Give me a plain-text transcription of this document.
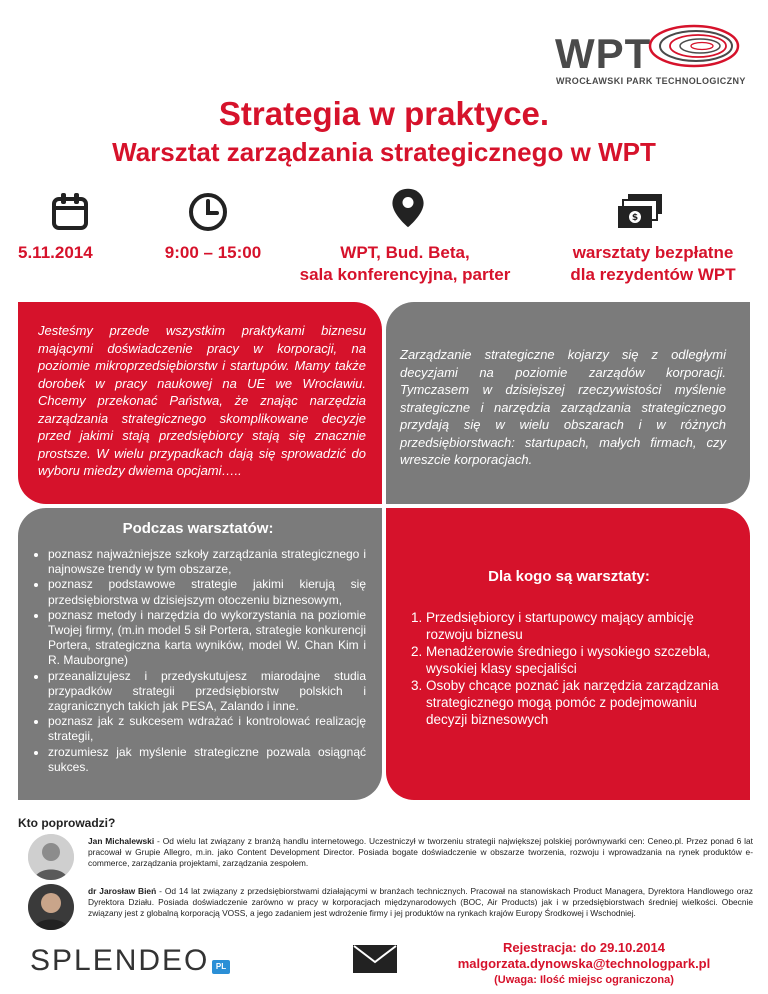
WPT
WROCŁAWSKI PARK TECHNOLOGICZNY
Strategia w praktyce.
Warsztat zarządzania strategicznego w WPT
$
5.11.2014	9:00 – 15:00	WPT, Bud. Beta,
sala konferencyjna, parter
warsztaty bezpłatne
dla rezydentów WPT
Jesteśmy przede wszystkim praktykami biznesu mającymi doświadczenie pracy w korporacji, na poziomie mikroprzedsiębiorstw i startupów. Mamy także dorobek w pracy naukowej na UE we Wrocławiu. Chcemy przekonać Państwa, że znając narzędzia zarządzania strategicznego skomplikowane decyzje przed jakimi stają przedsiębiorcy stają się znacznie prostsze. W wielu przypadkach dają się sprowadzić do wyboru miedzy dwiema opcjami…..
Zarządzanie strategiczne kojarzy się z odległymi decyzjami na poziomie zarządów korporacji. Tymczasem w dzisiejszej rzeczywistości myślenie strategiczne i narzędzia zarządzania strategicznego przydają się w wielu obszarach i w różnych przedsiębiorstwach: startupach, małych firmach, czy wreszcie korporacjach.
Podczas warsztatów:
• poznasz najważniejsze szkoły zarządzania strategicznego i najnowsze trendy w tym obszarze,
• poznasz podstawowe strategie jakimi kierują się przedsiębiorstwa w dzisiejszym otoczeniu biznesowym,
• poznasz metody i narzędzia do wykorzystania na poziomie Twojej firmy, (m.in model 5 sił Portera, strategie konkurencji Portera, strategiczna karta wyników, model W. Chan Kim i R. Mauborgne)
• przeanalizujesz i przedyskutujesz miarodajne studia przypadków strategii przedsiębiorstw polskich i zagranicznych takich jak PESA, Zalando i inne.
• poznasz jak z sukcesem wdrażać i kontrolować realizację strategii,
• zrozumiesz jak myślenie strategiczne pozwala osiągnąć sukces.
Dla kogo są warsztaty:
1. Przedsiębiorcy i startupowcy mający ambicję rozwoju biznesu
2. Menadżerowie średniego i wysokiego szczebla, wysokiej klasy specjaliści
3. Osoby chcące poznać jak narzędzia zarządzania strategicznego mogą pomóc z podejmowaniu decyzji biznesowych
Kto poprowadzi?
Jan Michalewski - Od wielu lat związany z branżą handlu internetowego. Uczestniczył w tworzeniu strategii największej polskiej porównywarki cen: Ceneo.pl. Przez ponad 6 lat pracował w Grupie Allegro, m.in. jako Content Development Director. Posiada bogate doświadczenie w obszarze tworzenia, rozwoju i wprowadzania na rynek produktów e-commerce, zarządzania projektami, zarządzania zespołem.
dr Jarosław Bień - Od 14 lat związany z przedsiębiorstwami działającymi w branżach technicznych. Pracował na stanowiskach Product Managera, Dyrektora Handlowego oraz Dyrektora Działu. Posiada doświadczenie zarówno w pracy w korporacjach międzynarodowych (BOC, Air Products) jak i w przedsiębiorstwach średniej wielkości. Obecnie związany jest z globalną korporacją VOSS, a jego zadaniem jest wdrożenie firmy i jej produktów na rynkach krajów Europy Środkowej i Wschodniej.
SPLENDEO PL
Rejestracja: do 29.10.2014
malgorzata.dynowska@technologpark.pl
(Uwaga: Ilość miejsc ograniczona)
